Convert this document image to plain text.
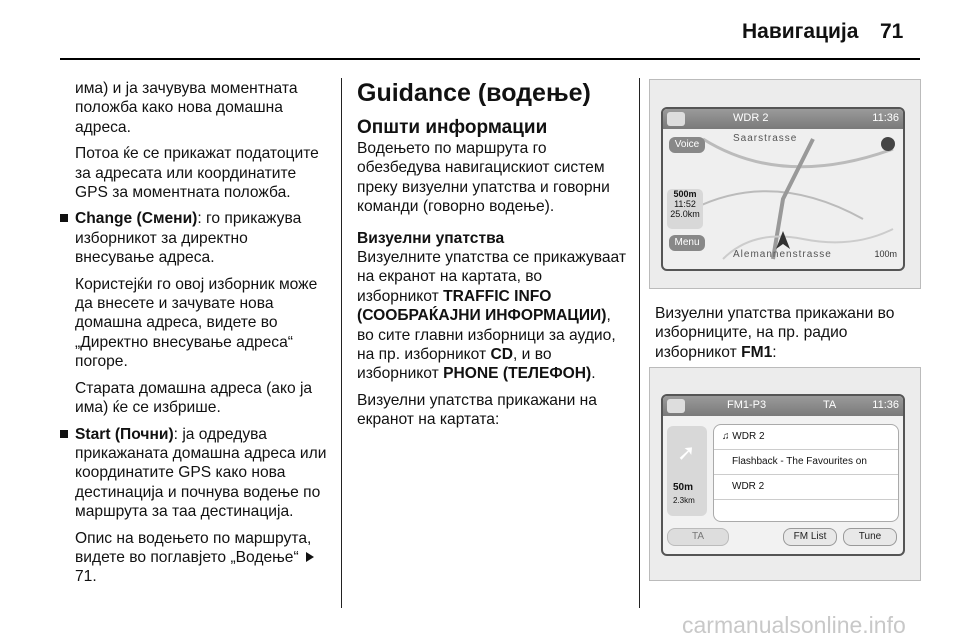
Навигација 71

има) и ја зачувува моментната положба како нова домашна адреса.

Потоа ќе се прикажат податоците за адресата или координатите GPS за моментната положба.

Change (Смени): го прикажува изборникот за директно внесување адреса.

Користејќи го овој изборник може да внесете и зачувате нова домашна адреса, видете во „Директно внесување адреса“ погоре.

Старата домашна адреса (ако ја има) ќе се избрише.

Start (Почни): ја одредува прикажаната домашна адреса или координатите GPS како нова дестинација и почнува водење по маршрута за таа дестинација.

Опис на водењето по маршрута, видете во поглавјето „Водење“ 71.

Guidance (водење)
Општи информации

Водењето по маршрута го обезбедува навигацискиот систем преку визуелни упатства и говорни команди (говорно водење).

Визуелни упатства

Визуелните упатства се прикажуваат на екранот на картата, во изборникот TRAFFIC INFO (СООБРАЌАЈНИ ИНФОРМАЦИИ), во сите главни изборници за аудио, на пр. изборникот CD, и во изборникот PHONE (ТЕЛЕФОН).

Визуелни упатства прикажани на екранот на картата:

WDR 2	11:36
Voice
Saarstrasse
500m
11:52
25.0km
Menu
Alemannenstrasse	100m

Визуелни упатства прикажани во изборниците, на пр. радио изборникот FM1:

FM1-P3	TA	11:36
➚
50m
2.3km
♫ WDR 2
Flashback - The Favourites on
WDR 2
TA	FM List	Tune
carmanualsonline.info
